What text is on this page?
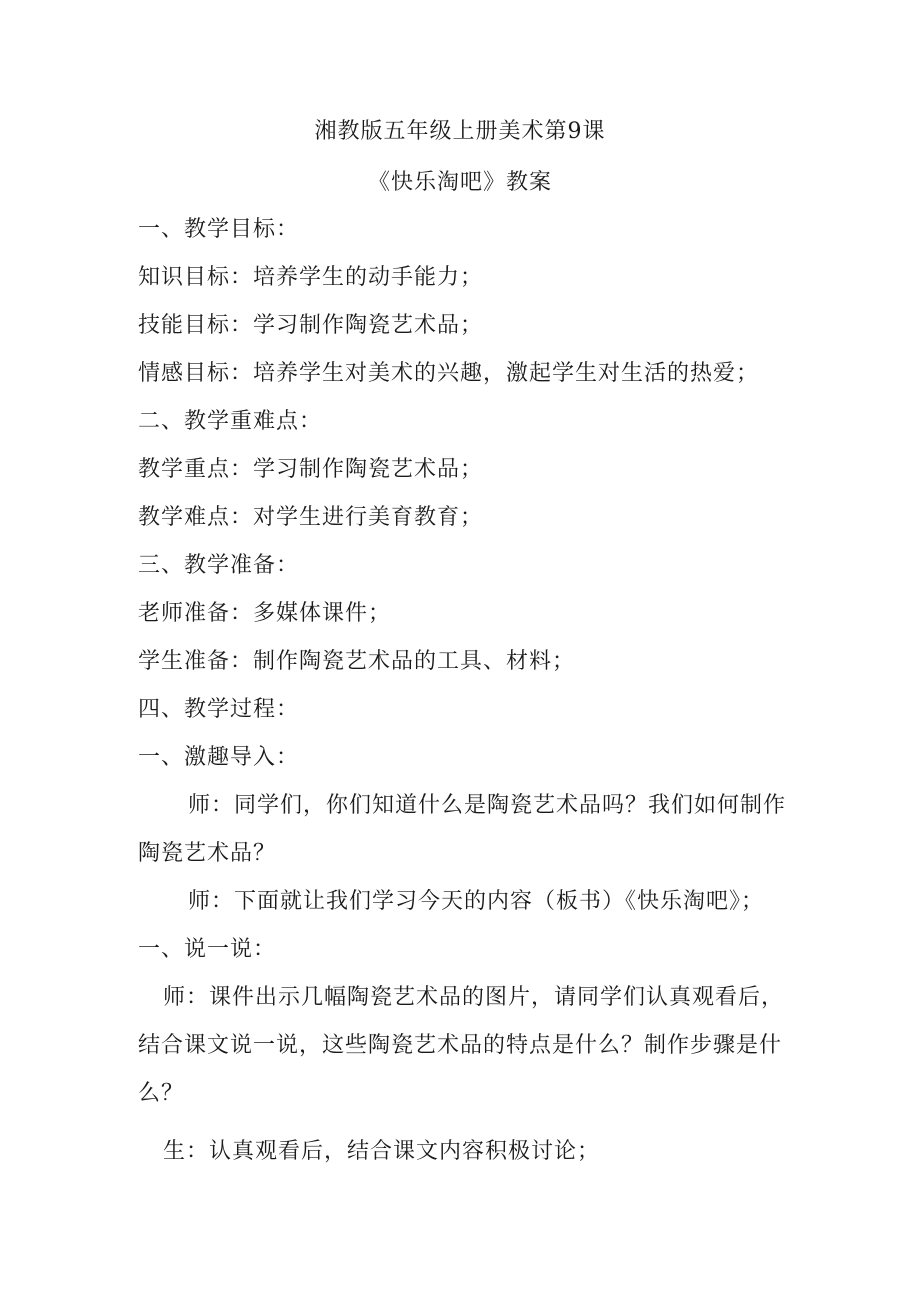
湘教版五年级上册美术第9课
《快乐淘吧》教案
一、教学目标：
知识目标：培养学生的动手能力；
技能目标：学习制作陶瓷艺术品；
情感目标：培养学生对美术的兴趣，激起学生对生活的热爱；
二、教学重难点：
教学重点：学习制作陶瓷艺术品；
教学难点：对学生进行美育教育；
三、教学准备：
老师准备：多媒体课件；
学生准备：制作陶瓷艺术品的工具、材料；
四、教学过程：
一、激趣导入：
师：同学们，你们知道什么是陶瓷艺术品吗？我们如何制作
陶瓷艺术品？
师：下面就让我们学习今天的内容（板书）《快乐淘吧》；
一、说一说：
师：课件出示几幅陶瓷艺术品的图片，请同学们认真观看后，
结合课文说一说，这些陶瓷艺术品的特点是什么？制作步骤是什
么？
生：认真观看后，结合课文内容积极讨论；
